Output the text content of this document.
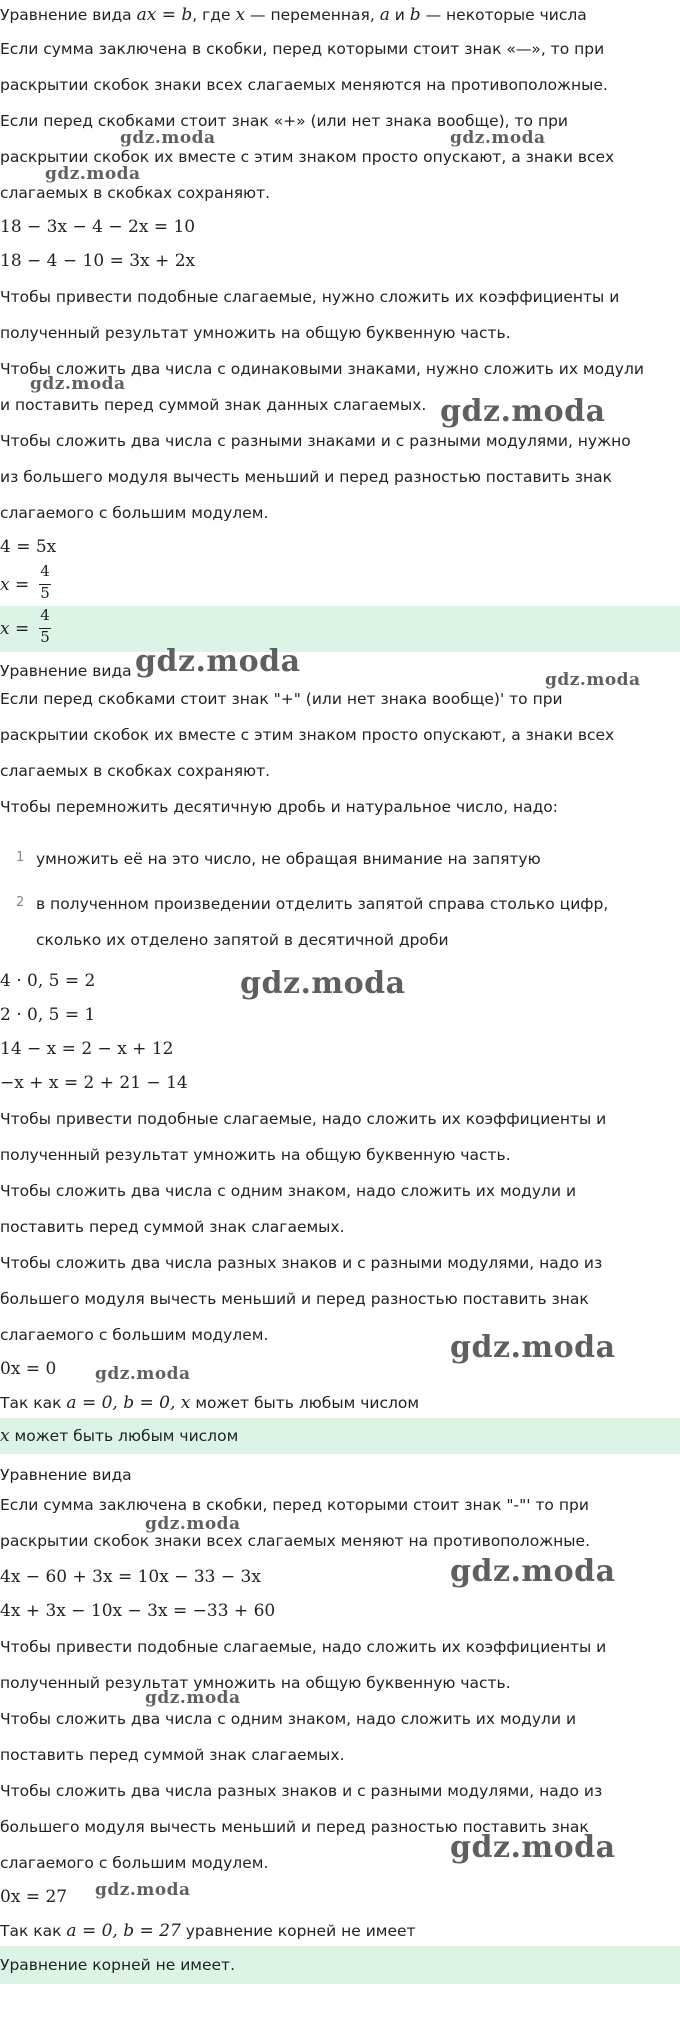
Уравнение вида ax = b, где x — переменная, a и b — некоторые числа
Если сумма заключена в скобки, перед которыми стоит знак «—», то при
раскрытии скобок знаки всех слагаемых меняются на противоположные.
Если перед скобками стоит знак «+» (или нет знака вообще), то при
раскрытии скобок их вместе с этим знаком просто опускают, а знаки всех
слагаемых в скобках сохраняют.
18 − 3x − 4 − 2x = 10
18 − 4 − 10 = 3x + 2x
Чтобы привести подобные слагаемые, нужно сложить их коэффициенты и
полученный результат умножить на общую буквенную часть.
Чтобы сложить два числа с одинаковыми знаками, нужно сложить их модули
и поставить перед суммой знак данных слагаемых.
Чтобы сложить два числа с разными знаками и с разными модулями, нужно
из большего модуля вычесть меньший и перед разностью поставить знак
слагаемого с большим модулем.
4 = 5x
x =
4
5
x =
4
5
Уравнение вида
Если перед скобками стоит знак "+" (или нет знака вообще)' то при
раскрытии скобок их вместе с этим знаком просто опускают, а знаки всех
слагаемых в скобках сохраняют.
Чтобы перемножить десятичную дробь и натуральное число, надо:
1 умножить её на это число, не обращая внимание на запятую
2 в полученном произведении отделить запятой справа столько цифр,
сколько их отделено запятой в десятичной дроби
4 · 0, 5 = 2
2 · 0, 5 = 1
14 − x = 2 − x + 12
−x + x = 2 + 21 − 14
Чтобы привести подобные слагаемые, надо сложить их коэффициенты и
полученный результат умножить на общую буквенную часть.
Чтобы сложить два числа с одним знаком, надо сложить их модули и
поставить перед суммой знак слагаемых.
Чтобы сложить два числа разных знаков и с разными модулями, надо из
большего модуля вычесть меньший и перед разностью поставить знак
слагаемого с большим модулем.
0x = 0
Так как a = 0, b = 0, x может быть любым числом
x может быть любым числом
Уравнение вида
Если сумма заключена в скобки, перед которыми стоит знак "-"' то при
раскрытии скобок знаки всех слагаемых меняют на противоположные.
4x − 60 + 3x = 10x − 33 − 3x
4x + 3x − 10x − 3x = −33 + 60
Чтобы привести подобные слагаемые, надо сложить их коэффициенты и
полученный результат умножить на общую буквенную часть.
Чтобы сложить два числа с одним знаком, надо сложить их модули и
поставить перед суммой знак слагаемых.
Чтобы сложить два числа разных знаков и с разными модулями, надо из
большего модуля вычесть меньший и перед разностью поставить знак
слагаемого с большим модулем.
0x = 27
Так как a = 0, b = 27 уравнение корней не имеет
Уравнение корней не имеет.
gdz.moda	gdz.moda
gdz.moda
gdz.moda
gdz.moda
gdz.moda
gdz.moda
gdz.moda
gdz.moda
gdz.moda
gdz.moda
gdz.moda
gdz.moda
gdz.moda
gdz.moda
